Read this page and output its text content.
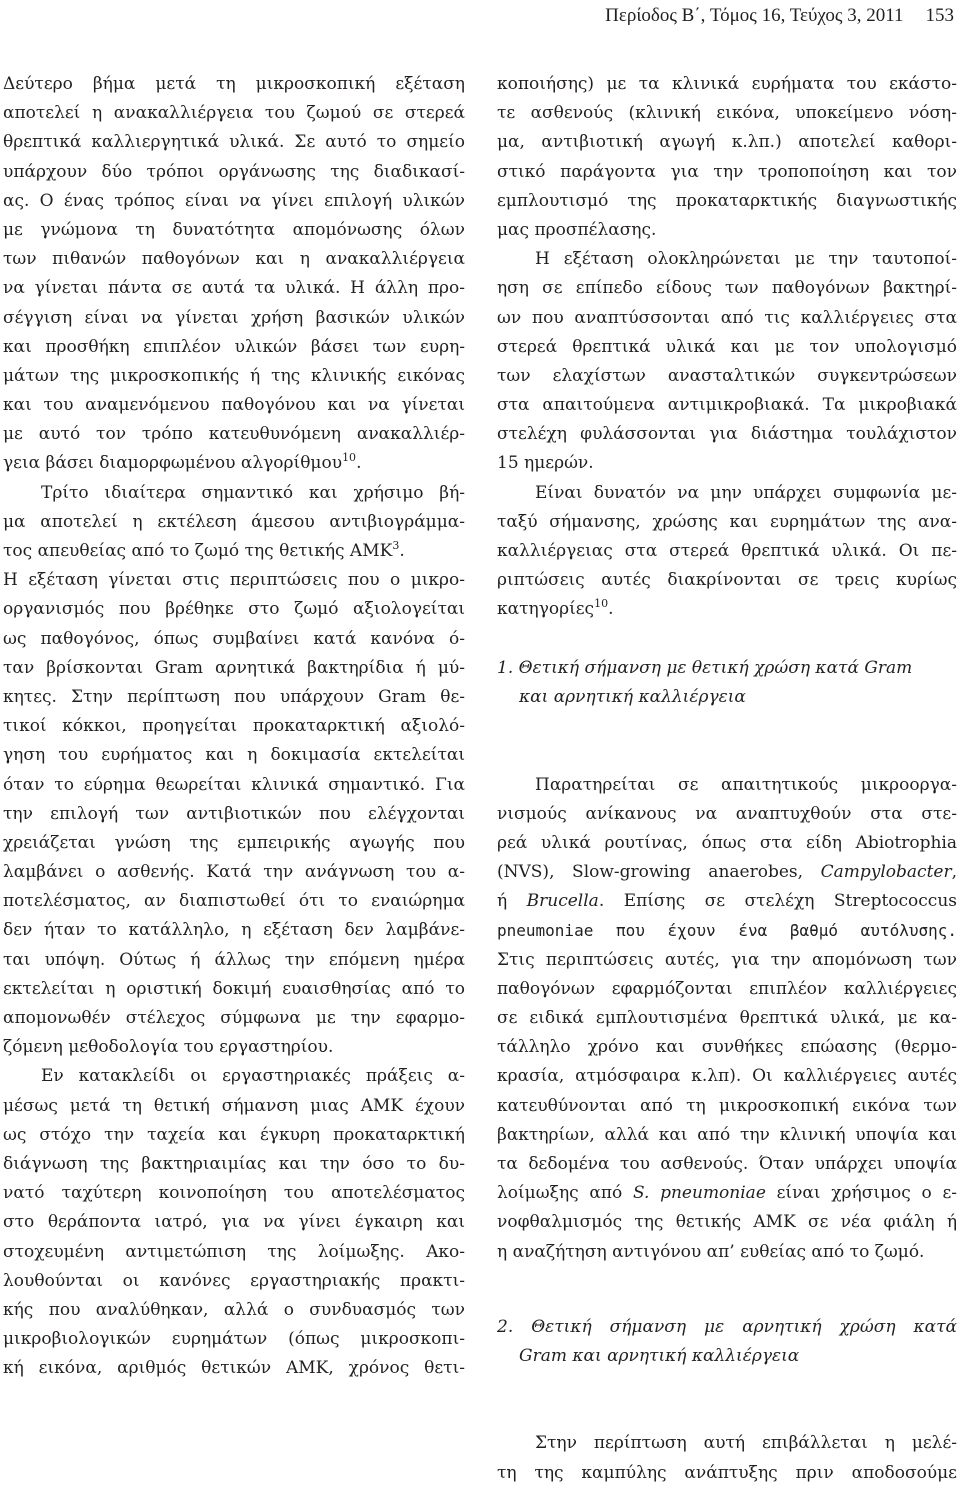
Περίοδος Β΄, Τόμος 16, Τεύχος 3, 2011 153
Δεύτερο βήμα μετά τη μικροσκοπική εξέταση
αποτελεί η ανακαλλιέργεια του ζωμού σε στερεά
θρεπτικά καλλιεργητικά υλικά. Σε αυτό το σημείο
υπάρχουν δύο τρόποι οργάνωσης της διαδικασί-
ας. Ο ένας τρόπος είναι να γίνει επιλογή υλικών
με γνώμονα τη δυνατότητα απομόνωσης όλων
των πιθανών παθογόνων και η ανακαλλιέργεια
να γίνεται πάντα σε αυτά τα υλικά. Η άλλη προ-
σέγγιση είναι να γίνεται χρήση βασικών υλικών
και προσθήκη επιπλέον υλικών βάσει των ευρη-
μάτων της μικροσκοπικής ή της κλινικής εικόνας
και του αναμενόμενου παθογόνου και να γίνεται
με αυτό τον τρόπο κατευθυνόμενη ανακαλλιέρ-
γεια βάσει διαμορφωμένου αλγορίθμου$^{10}$.
Τρίτο ιδιαίτερα σημαντικό και χρήσιμο βή-
μα αποτελεί η εκτέλεση άμεσου αντιβιογράμμα-
τος απευθείας από το ζωμό της θετικής ΑΜΚ$^3$.
Η εξέταση γίνεται στις περιπτώσεις που ο μικρο-
οργανισμός που βρέθηκε στο ζωμό αξιολογείται
ως παθογόνος, όπως συμβαίνει κατά κανόνα ό-
ταν βρίσκονται Gram αρνητικά βακτηρίδια ή μύ-
κητες. Στην περίπτωση που υπάρχουν Gram θε-
τικοί κόκκοι, προηγείται προκαταρκτική αξιολό-
γηση του ευρήματος και η δοκιμασία εκτελείται
όταν το εύρημα θεωρείται κλινικά σημαντικό. Για
την επιλογή των αντιβιοτικών που ελέγχονται
χρειάζεται γνώση της εμπειρικής αγωγής που
λαμβάνει ο ασθενής. Κατά την ανάγνωση του α-
ποτελέσματος, αν διαπιστωθεί ότι το εναιώρημα
δεν ήταν το κατάλληλο, η εξέταση δεν λαμβάνε-
ται υπόψη. Ούτως ή άλλως την επόμενη ημέρα
εκτελείται η οριστική δοκιμή ευαισθησίας από το
απομονωθέν στέλεχος σύμφωνα με την εφαρμο-
ζόμενη μεθοδολογία του εργαστηρίου.
Εν κατακλείδι οι εργαστηριακές πράξεις α-
μέσως μετά τη θετική σήμανση μιας ΑΜΚ έχουν
ως στόχο την ταχεία και έγκυρη προκαταρκτική
διάγνωση της βακτηριαιμίας και την όσο το δυ-
νατό ταχύτερη κοινοποίηση του αποτελέσματος
στο θεράποντα ιατρό, για να γίνει έγκαιρη και
στοχευμένη αντιμετώπιση της λοίμωξης. Ακο-
λουθούνται οι κανόνες εργαστηριακής πρακτι-
κής που αναλύθηκαν, αλλά ο συνδυασμός των
μικροβιολογικών ευρημάτων (όπως μικροσκοπι-
κή εικόνα, αριθμός θετικών ΑΜΚ, χρόνος θετι-
κοποιήσης) με τα κλινικά ευρήματα του εκάστο-
τε ασθενούς (κλινική εικόνα, υποκείμενο νόση-
μα, αντιβιοτική αγωγή κ.λπ.) αποτελεί καθορι-
στικό παράγοντα για την τροποποίηση και τον
εμπλουτισμό της προκαταρκτικής διαγνωστικής
μας προσπέλασης.
Η εξέταση ολοκληρώνεται με την ταυτοποί-
ηση σε επίπεδο είδους των παθογόνων βακτηρί-
ων που αναπτύσσονται από τις καλλιέργειες στα
στερεά θρεπτικά υλικά και με τον υπολογισμό
των ελαχίστων ανασταλτικών συγκεντρώσεων
στα απαιτούμενα αντιμικροβιακά. Τα μικροβιακά
στελέχη φυλάσσονται για διάστημα τουλάχιστον
15 ημερών.
Είναι δυνατόν να μην υπάρχει συμφωνία με-
ταξύ σήμανσης, χρώσης και ευρημάτων της ανα-
καλλιέργειας στα στερεά θρεπτικά υλικά. Οι πε-
ριπτώσεις αυτές διακρίνονται σε τρεις κυρίως
κατηγορίες$^{10}$.
1. Θετική σήμανση με θετική χρώση κατά Gram
και αρνητική καλλιέργεια
Παρατηρείται σε απαιτητικούς μικροοργα-
νισμούς ανίκανους να αναπτυχθούν στα στε-
ρεά υλικά ρουτίνας, όπως στα είδη Abiotrophia
(NVS), Slow-growing anaerobes, Campylobacter,
ή Brucella. Επίσης σε στελέχη Streptococcus
pneumoniae που έχουν ένα βαθμό αυτόλυσης.
Στις περιπτώσεις αυτές, για την απομόνωση των
παθογόνων εφαρμόζονται επιπλέον καλλιέργειες
σε ειδικά εμπλουτισμένα θρεπτικά υλικά, με κα-
τάλληλο χρόνο και συνθήκες επώασης (θερμο-
κρασία, ατμόσφαιρα κ.λπ). Οι καλλιέργειες αυτές
κατευθύνονται από τη μικροσκοπική εικόνα των
βακτηρίων, αλλά και από την κλινική υποψία και
τα δεδομένα του ασθενούς. Όταν υπάρχει υποψία
λοίμωξης από S. pneumoniae είναι χρήσιμος ο ε-
νοφθαλμισμός της θετικής ΑΜΚ σε νέα φιάλη ή
η αναζήτηση αντιγόνου απ’ ευθείας από το ζωμό.
2. Θετική σήμανση με αρνητική χρώση κατά
Gram και αρνητική καλλιέργεια
Στην περίπτωση αυτή επιβάλλεται η μελέ-
τη της καμπύλης ανάπτυξης πριν αποδοσούμε
